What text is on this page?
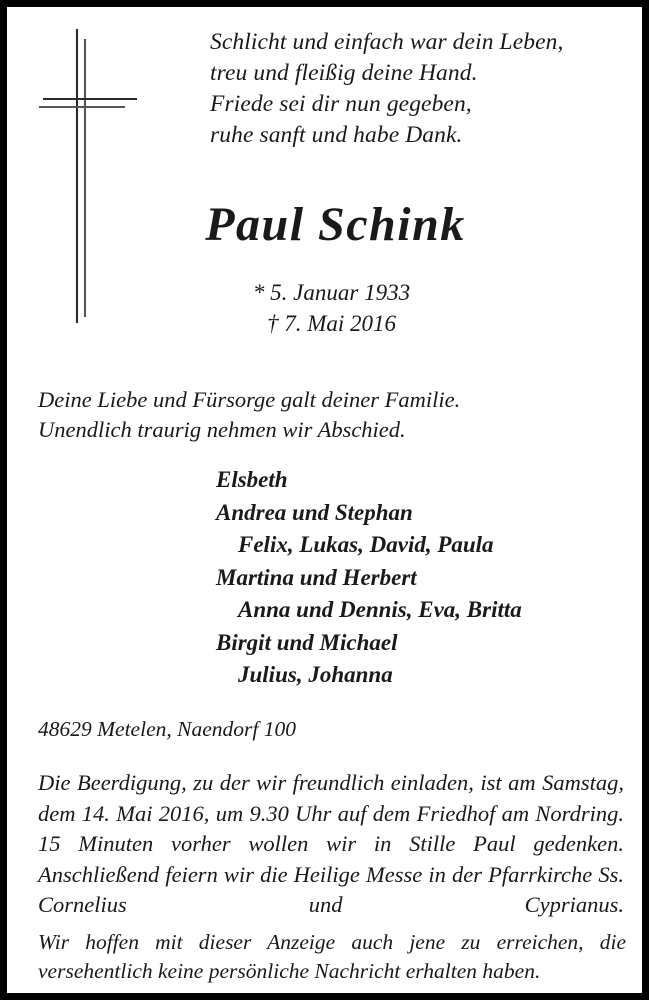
Schlicht und einfach war dein Leben,
treu und fleißig deine Hand.
Friede sei dir nun gegeben,
ruhe sanft und habe Dank.
Paul Schink
* 5. Januar 1933
† 7. Mai 2016
Deine Liebe und Fürsorge galt deiner Familie.
Unendlich traurig nehmen wir Abschied.
Elsbeth
Andrea und Stephan
Felix, Lukas, David, Paula
Martina und Herbert
Anna und Dennis, Eva, Britta
Birgit und Michael
Julius, Johanna
48629 Metelen, Naendorf 100
Die Beerdigung, zu der wir freundlich einladen, ist am Samstag, dem 14. Mai 2016, um 9.30 Uhr auf dem Friedhof am Nordring. 15 Minuten vorher wollen wir in Stille Paul gedenken. Anschließend feiern wir die Heilige Messe in der Pfarrkirche Ss. Cornelius und Cyprianus.
Wir hoffen mit dieser Anzeige auch jene zu erreichen, die versehentlich keine persönliche Nachricht erhalten haben.
